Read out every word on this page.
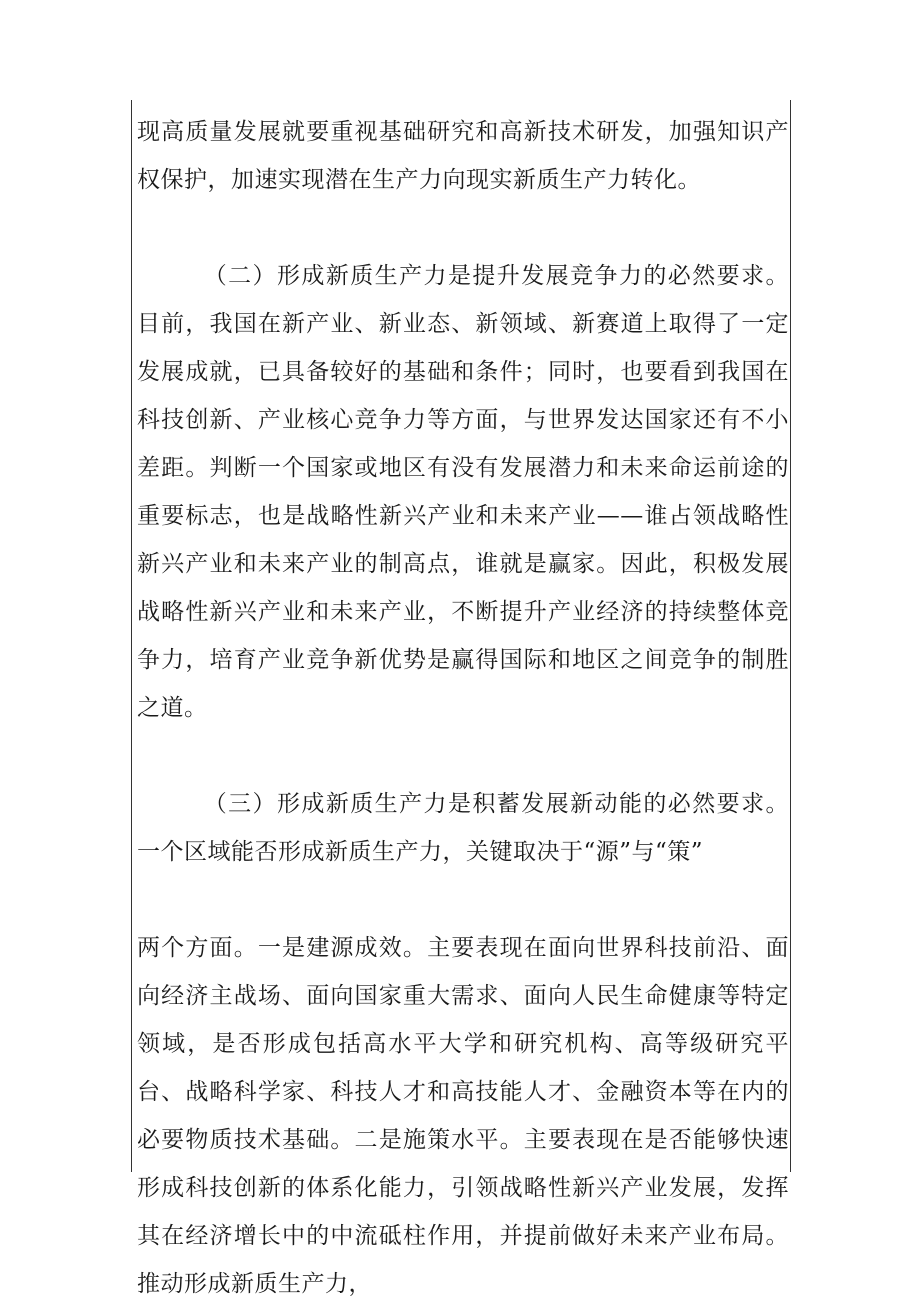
现高质量发展就要重视基础研究和高新技术研发，加强知识产权保护，加速实现潜在生产力向现实新质生产力转化。

（二）形成新质生产力是提升发展竞争力的必然要求。目前，我国在新产业、新业态、新领域、新赛道上取得了一定发展成就，已具备较好的基础和条件；同时，也要看到我国在科技创新、产业核心竞争力等方面，与世界发达国家还有不小差距。判断一个国家或地区有没有发展潜力和未来命运前途的重要标志，也是战略性新兴产业和未来产业——谁占领战略性新兴产业和未来产业的制高点，谁就是赢家。因此，积极发展战略性新兴产业和未来产业，不断提升产业经济的持续整体竞争力，培育产业竞争新优势是赢得国际和地区之间竞争的制胜之道。

（三）形成新质生产力是积蓄发展新动能的必然要求。一个区域能否形成新质生产力，关键取决于“源”与“策”

两个方面。一是建源成效。主要表现在面向世界科技前沿、面向经济主战场、面向国家重大需求、面向人民生命健康等特定领域，是否形成包括高水平大学和研究机构、高等级研究平台、战略科学家、科技人才和高技能人才、金融资本等在内的必要物质技术基础。二是施策水平。主要表现在是否能够快速形成科技创新的体系化能力，引领战略性新兴产业发展，发挥其在经济增长中的中流砥柱作用，并提前做好未来产业布局。推动形成新质生产力，
